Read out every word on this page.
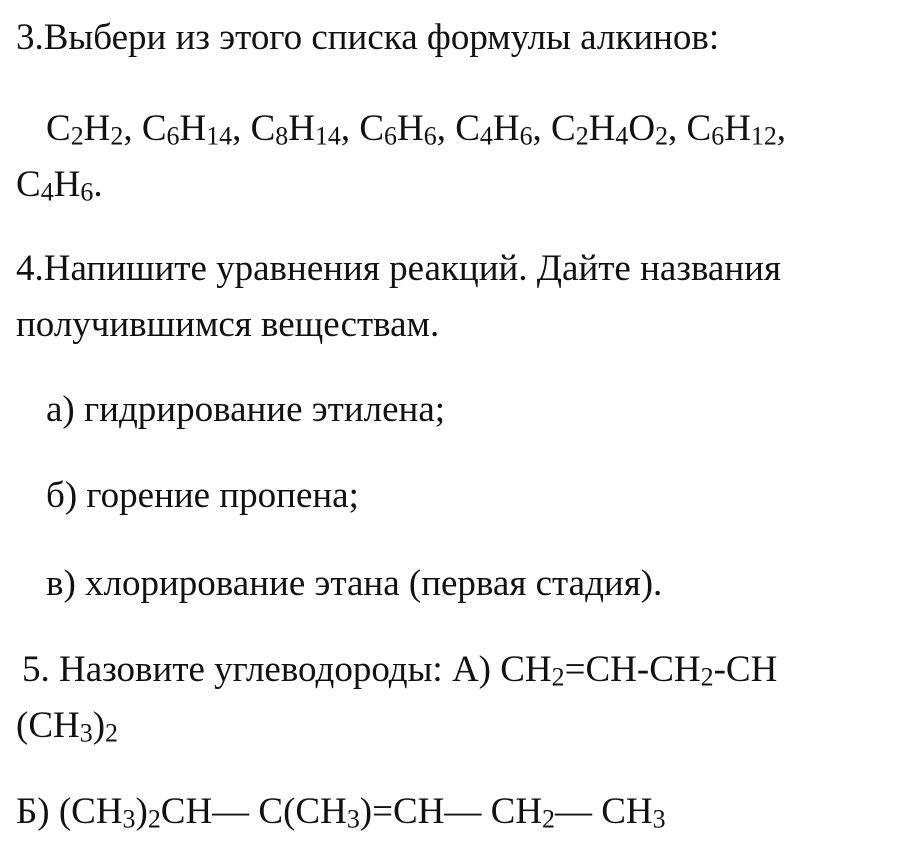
3.Выбери из этого списка формулы алкинов:
$C_2H_2$, $C_6H_{14}$, $C_8H_{14}$, $C_6H_6$, $C_4H_6$, $C_2H_4O_2$, $C_6H_{12}$,
$C_4H_6$.
4.Напишите уравнения реакций. Дайте названия
получившимся веществам.
а) гидрирование этилена;
б) горение пропена;
в) хлорирование этана (первая стадия).
5. Назовите углеводороды: А) $CH_2=CH-CH_2-CH$
$(CH_3)_2$
Б) $(CH_3)_2CH—$ $C(CH_3)=CH—$ $CH_2—$ $CH_3$
